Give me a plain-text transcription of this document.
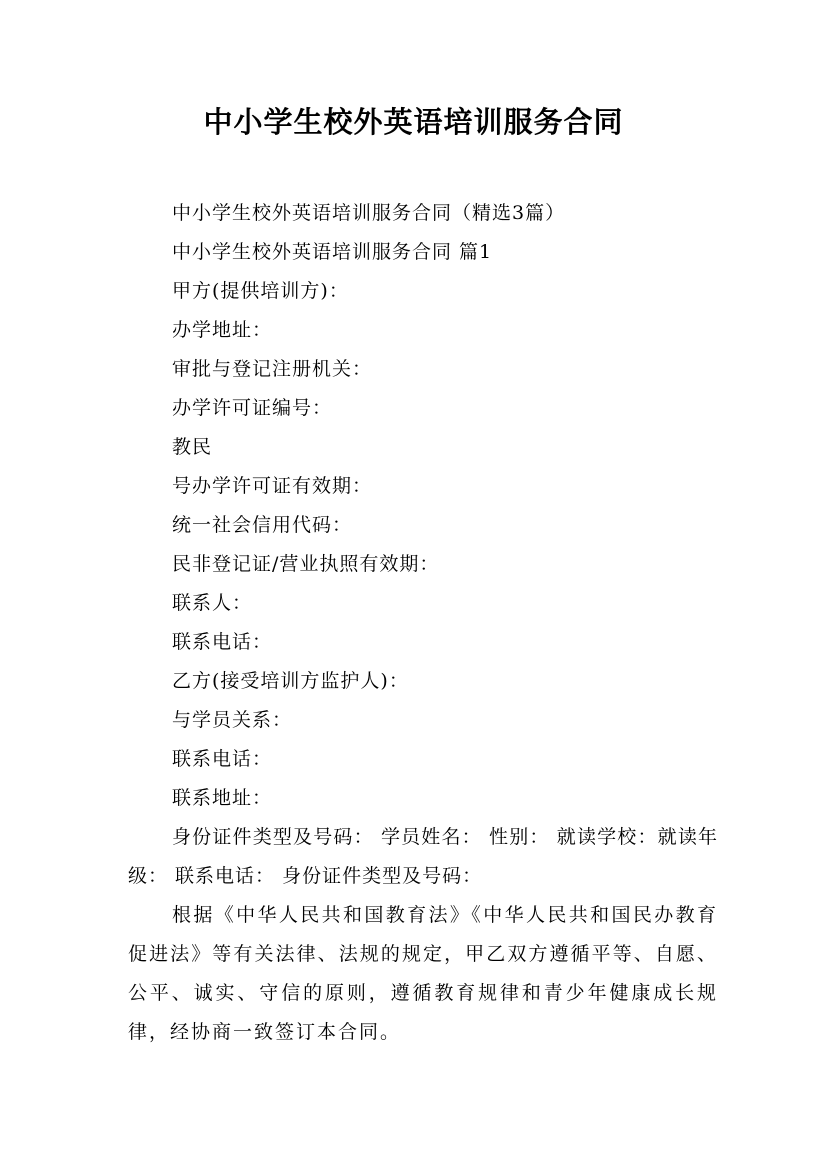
中小学生校外英语培训服务合同

中小学生校外英语培训服务合同（精选3篇）

中小学生校外英语培训服务合同 篇1

甲方(提供培训方)：

办学地址：

审批与登记注册机关：

办学许可证编号：

教民

号办学许可证有效期：

统一社会信用代码：

民非登记证/营业执照有效期：

联系人：

联系电话：

乙方(接受培训方监护人)：

与学员关系：

联系电话：

联系地址：

身份证件类型及号码： 学员姓名： 性别： 就读学校：就读年级： 联系电话： 身份证件类型及号码：

根据《中华人民共和国教育法》《中华人民共和国民办教育促进法》等有关法律、法规的规定，甲乙双方遵循平等、自愿、公平、诚实、守信的原则，遵循教育规律和青少年健康成长规律，经协商一致签订本合同。
